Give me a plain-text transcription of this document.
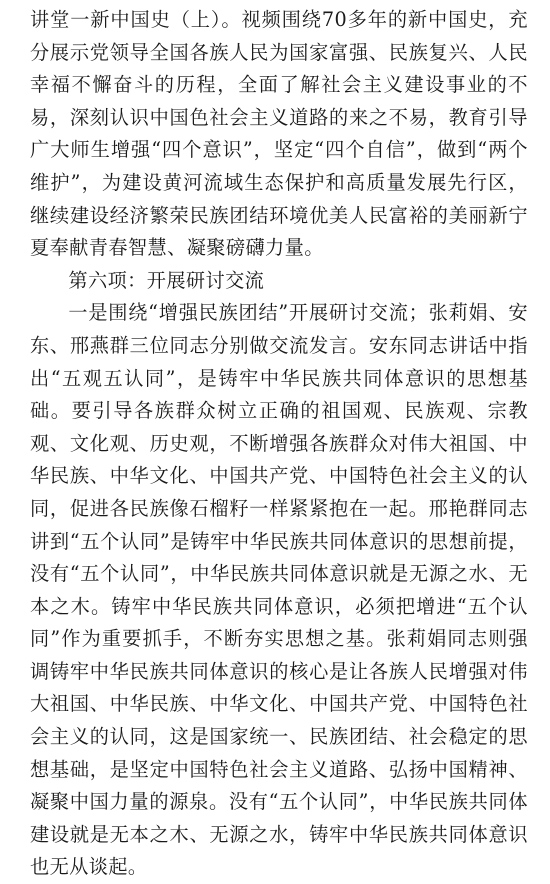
讲堂一新中国史（上）。视频围绕70多年的新中国史，充分展示党领导全国各族人民为国家富强、民族复兴、人民幸福不懈奋斗的历程，全面了解社会主义建设事业的不易，深刻认识中国色社会主义道路的来之不易，教育引导广大师生增强“四个意识”，坚定“四个自信”，做到“两个维护”，为建设黄河流域生态保护和高质量发展先行区，继续建设经济繁荣民族团结环境优美人民富裕的美丽新宁夏奉献青春智慧、凝聚磅礴力量。

第六项：开展研讨交流

一是围绕“增强民族团结”开展研讨交流；张莉娟、安东、邢燕群三位同志分别做交流发言。安东同志讲话中指出“五观五认同”，是铸牢中华民族共同体意识的思想基础。要引导各族群众树立正确的祖国观、民族观、宗教观、文化观、历史观，不断增强各族群众对伟大祖国、中华民族、中华文化、中国共产党、中国特色社会主义的认同，促进各民族像石榴籽一样紧紧抱在一起。邢艳群同志讲到“五个认同”是铸牢中华民族共同体意识的思想前提，没有“五个认同”，中华民族共同体意识就是无源之水、无本之木。铸牢中华民族共同体意识，必须把增进“五个认同”作为重要抓手，不断夯实思想之基。张莉娟同志则强调铸牢中华民族共同体意识的核心是让各族人民增强对伟大祖国、中华民族、中华文化、中国共产党、中国特色社会主义的认同，这是国家统一、民族团结、社会稳定的思想基础，是坚定中国特色社会主义道路、弘扬中国精神、凝聚中国力量的源泉。没有“五个认同”，中华民族共同体建设就是无本之木、无源之水，铸牢中华民族共同体意识也无从谈起。
